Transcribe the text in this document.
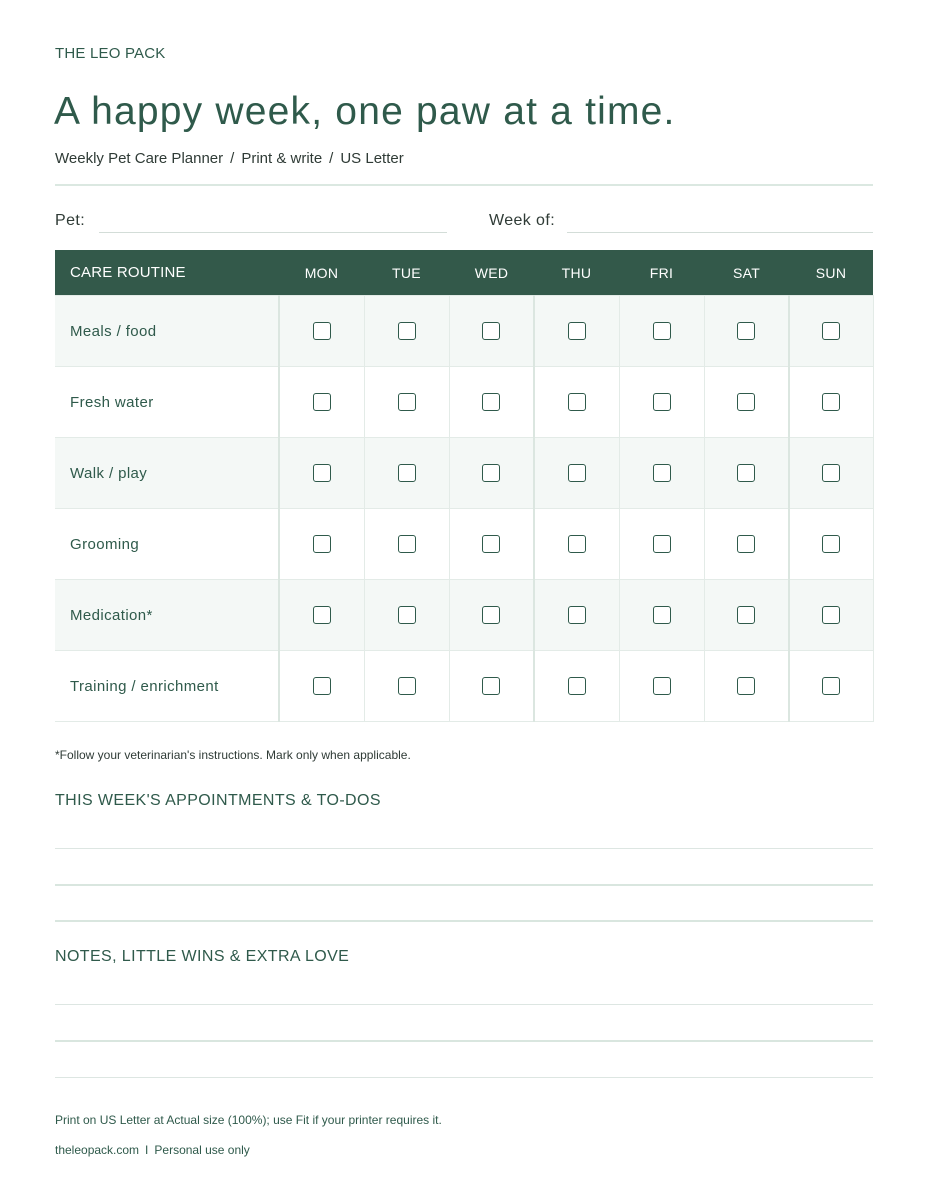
THE LEO PACK
A happy week, one paw at a time.
Weekly Pet Care Planner / Print & write / US Letter
Pet:	Week of:
CARE ROUTINE	MON	TUE	WED	THU	FRI	SAT	SUN
Meals / food							
Fresh water							
Walk / play							
Grooming							
Medication*							
Training / enrichment							
*Follow your veterinarian's instructions. Mark only when applicable.
THIS WEEK'S APPOINTMENTS & TO-DOS
NOTES, LITTLE WINS & EXTRA LOVE
Print on US Letter at Actual size (100%); use Fit if your printer requires it.
theleopack.com I Personal use only
